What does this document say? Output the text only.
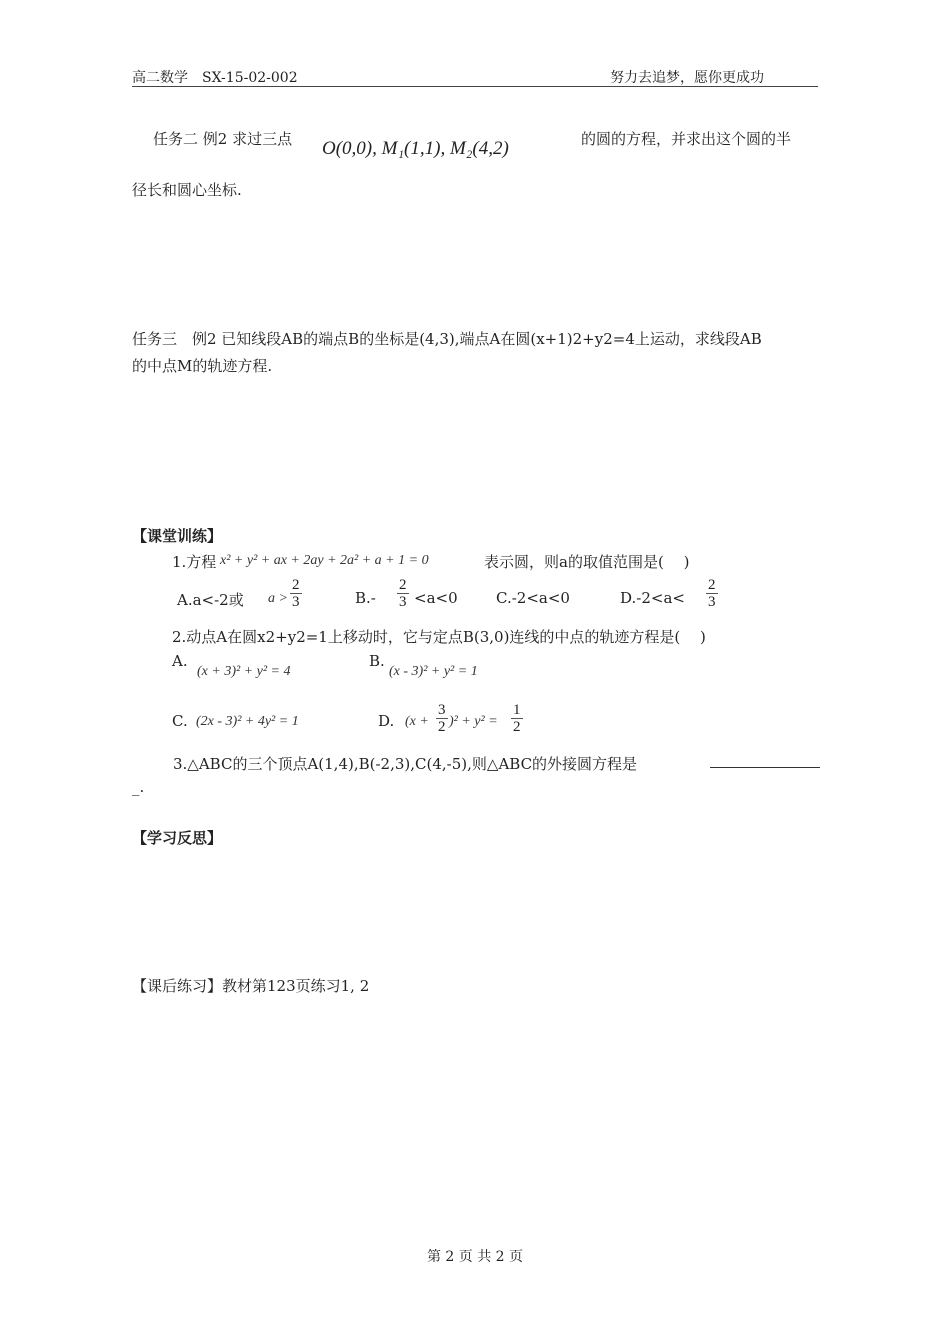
高二数学　SX-15-02-002	努力去追梦，愿你更成功
任务二 例2 求过三点 O(0,0), M₁(1,1), M₂(4,2)	的圆的方程，并求出这个圆的半
径长和圆心坐标.
任务三　例2 已知线段AB的端点B的坐标是(4,3),端点A在圆(x+1)2+y2=4上运动，求线段AB
的中点M的轨迹方程.
【课堂训练】
1.方程 x² + y² + ax + 2ay + 2a² + a + 1 = 0	表示圆，则a的取值范围是(　 )
A.a<-2或 $a > \frac{2}{3}$	$B.- \frac{2}{3} <a<0$	C.-2<a<0	$D.-2<a< \frac{2}{3}$
2.动点A在圆x2+y2=1上移动时，它与定点B(3,0)连线的中点的轨迹方程是(　 )
A.
(x + 3)² + y² = 4
B.
(x - 3)² + y² = 1
C. (2x - 3)² + 4y² = 1	D. $(x + \frac{3}{2} )^2 + y^2 = \frac{1}{2}$
3.△ABC的三个顶点A(1,4),B(-2,3),C(4,-5),则△ABC的外接圆方程是
_.
【学习反思】
【课后练习】教材第123页练习1, 2
第 2 页 共 2 页
